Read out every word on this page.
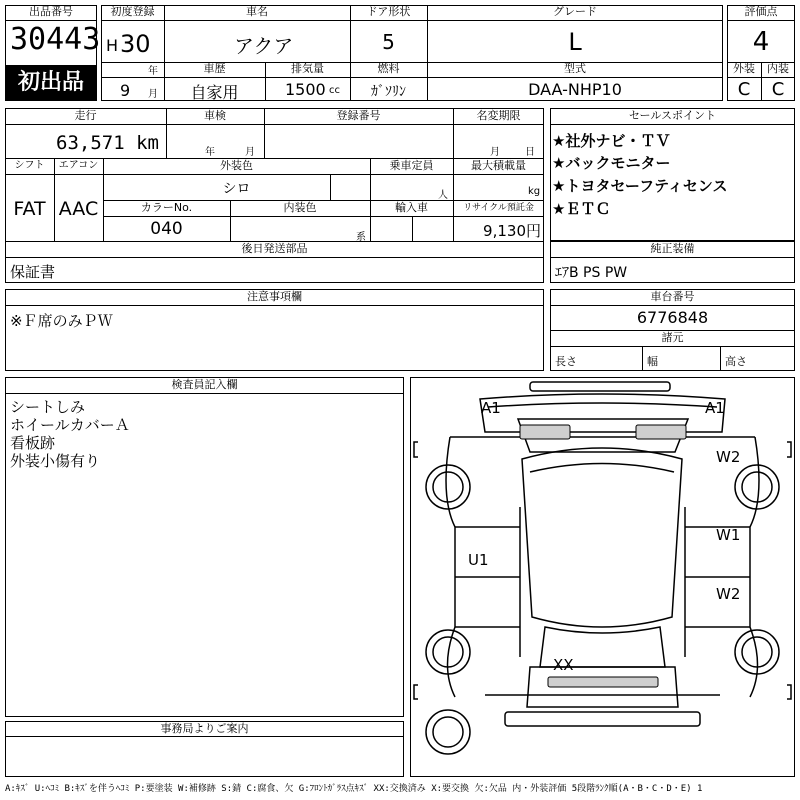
出品番号
30443
初出品
初度登録
H 30
年
9 月
車名
アクア
ドア形状
5
グレード
L
車歴
自家用
排気量
1500 cc
燃料
ｶﾞｿﾘﾝ
型式
DAA-NHP10
評価点
4
外装	内装
C	C
走行
63,571 km
車検
年	月
登録番号	名変期限
月	日
シフト
FAT
エアコン
AAC
外装色
シロ
乗車定員
人
最大積載量
kg
カラーNo.
040
内装色
系
輸入車	リサイクル預託金
9,130円
後日発送部品
保証書
セールスポイント
★社外ナビ・ＴＶ
★バックモニター
★トヨタセーフティセンス
★ＥＴＣ
純正装備
ｴｱB PS PW
注意事項欄
※Ｆ席のみＰＷ
車台番号
6776848
諸元
長さ	幅	高さ
検査員記入欄
シートしみ
ホイールカバーＡ
看板跡
外装小傷有り
事務局よりご案内
A1	A1
W2
U1
W1
W2
XX
A:ｷｽﾞ U:ﾍｺﾐ B:ｷｽﾞを伴うﾍｺﾐ P:要塗装 W:補修跡 S:錆 C:腐食、欠 G:ﾌﾛﾝﾄｶﾞﾗｽ点ｷｽﾞ XX:交換済み X:要交換 欠:欠品 内・外装評価 5段階ﾗﾝｸ順(A・B・C・D・E) 1
